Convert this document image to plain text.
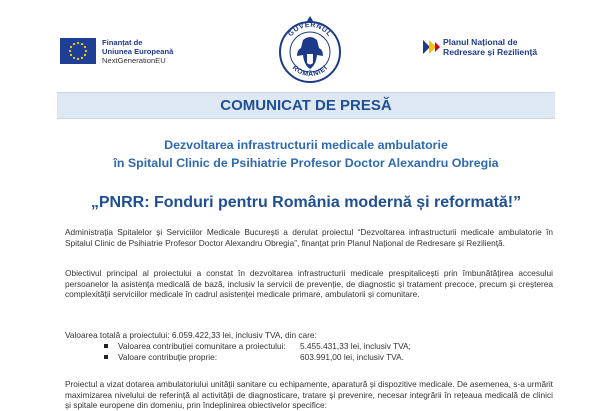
Finanțat de
Uniunea Europeană
NextGenerationEU
GUVERNUL
ROMÂNIEI
Planul Național de
Redresare și Reziliență
COMUNICAT DE PRESĂ
Dezvoltarea infrastructurii medicale ambulatorie
în Spitalul Clinic de Psihiatrie Profesor Doctor Alexandru Obregia
„PNRR: Fonduri pentru România modernă și reformată!”
Administrația Spitalelor și Serviciilor Medicale București a derulat proiectul “Dezvoltarea infrastructurii medicale ambulatorie în Spitalul Clinic de Psihiatrie Profesor Doctor Alexandru Obregia”, finanțat prin Planul Național de Redresare și Reziliență.
Obiectivul principal al proiectului a constat în dezvoltarea infrastructurii medicale prespitalicești prin îmbunătățirea accesului persoanelor la asistența medicală de bază, inclusiv la servicii de prevenție, de diagnostic și tratament precoce, precum și creșterea complexității serviciilor medicale în cadrul asistenței medicale primare, ambulatorii și comunitare.
Valoarea totală a proiectului: 6.059.422,33 lei, inclusiv TVA, din care:
Valoarea contribuției comunitare a proiectului: 5.455.431,33 lei, inclusiv TVA;
Valoare contribuție proprie:	603.991,00 lei, inclusiv TVA.
Proiectul a vizat dotarea ambulatoriului unității sanitare cu echipamente, aparatură și dispozitive medicale. De asemenea, s-a urmărit maximizarea nivelului de referință al activității de diagnosticare, tratare și prevenire, necesar integrării în rețeaua medicală de clinici și spitale europene din domeniu, prin îndeplinirea obiectivelor specifice:
